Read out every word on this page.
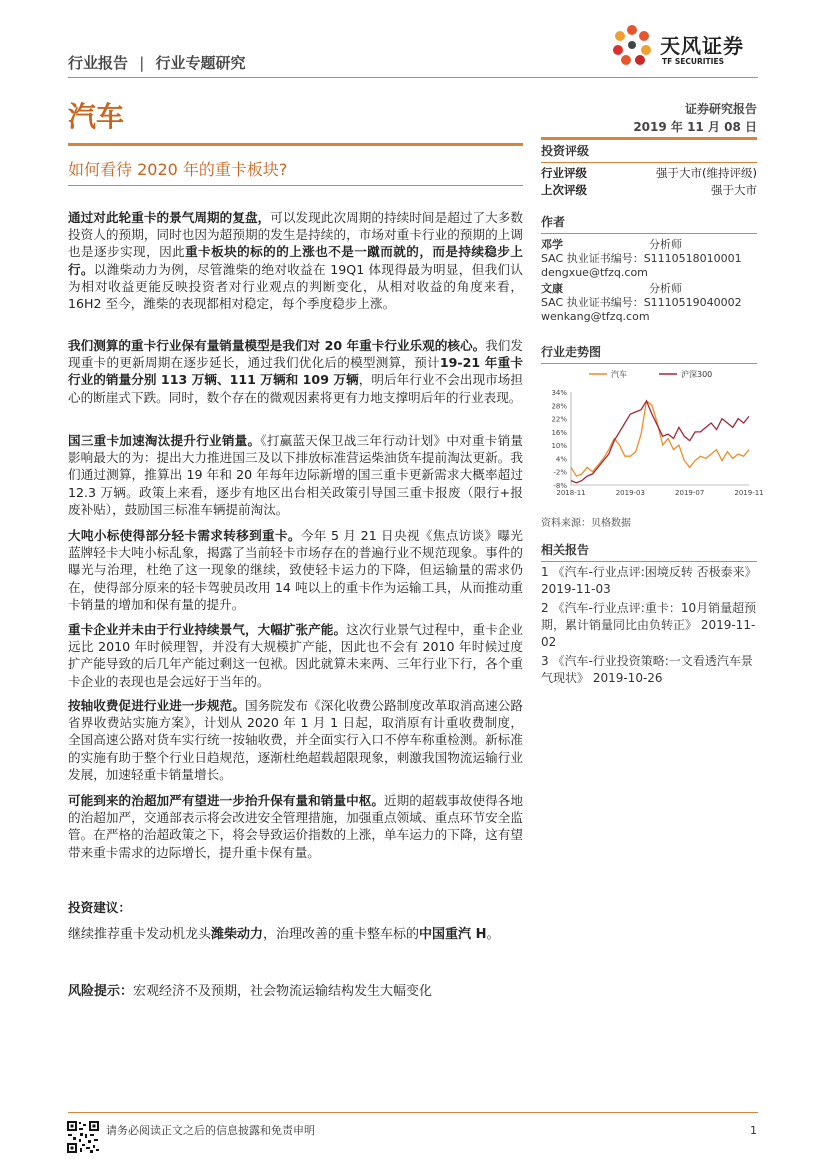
行业报告 | 行业专题研究
天风证券
TF SECURITIES
汽车	证券研究报告
2019 年 11 月 08 日
如何看待 2020 年的重卡板块?
投资评级
行业评级	强于大市(维持评级)
上次评级	强于大市
作者
邓学	分析师
SAC 执业证书编号：S1110518010001
dengxue@tfzq.com
文康	分析师
SAC 执业证书编号：S1110519040002
wenkang@tfzq.com
行业走势图
34%
28%
22%
16%
10%
4%
-2%
-8%
2018-11	2019-03	2019-07	2019-11
汽车	沪深300
资料来源：贝格数据
相关报告
1 《汽车-行业点评:困境反转 否极泰来》 2019-11-03
2 《汽车-行业点评:重卡：10月销量超预期，累计销量同比由负转正》 2019-11-02
3 《汽车-行业投资策略:一文看透汽车景气现状》 2019-10-26
通过对此轮重卡的景气周期的复盘，可以发现此次周期的持续时间是超过了大多数投资人的预期，同时也因为超预期的发生是持续的，市场对重卡行业的预期的上调也是逐步实现，因此重卡板块的标的的上涨也不是一蹴而就的，而是持续稳步上行。以潍柴动力为例，尽管潍柴的绝对收益在 19Q1 体现得最为明显，但我们认为相对收益更能反映投资者对行业观点的判断变化，从相对收益的角度来看，16H2 至今，潍柴的表现都相对稳定，每个季度稳步上涨。
我们测算的重卡行业保有量销量模型是我们对 20 年重卡行业乐观的核心。我们发现重卡的更新周期在逐步延长，通过我们优化后的模型测算，预计19-21 年重卡行业的销量分别 113 万辆、111 万辆和 109 万辆，明后年行业不会出现市场担心的断崖式下跌。同时，数个存在的微观因素将更有力地支撑明后年的行业表现。
国三重卡加速淘汰提升行业销量。《打赢蓝天保卫战三年行动计划》中对重卡销量影响最大的为：提出大力推进国三及以下排放标准营运柴油货车提前淘汰更新。我们通过测算，推算出 19 年和 20 年每年边际新增的国三重卡更新需求大概率超过 12.3 万辆。政策上来看，逐步有地区出台相关政策引导国三重卡报废（限行+报废补贴），鼓励国三标准车辆提前淘汰。
大吨小标使得部分轻卡需求转移到重卡。今年 5 月 21 日央视《焦点访谈》曝光蓝牌轻卡大吨小标乱象，揭露了当前轻卡市场存在的普遍行业不规范现象。事件的曝光与治理，杜绝了这一现象的继续，致使轻卡运力的下降，但运输量的需求仍在，使得部分原来的轻卡驾驶员改用 14 吨以上的重卡作为运输工具，从而推动重卡销量的增加和保有量的提升。
重卡企业并未由于行业持续景气，大幅扩张产能。这次行业景气过程中，重卡企业远比 2010 年时候理智，并没有大规模扩产能，因此也不会有 2010 年时候过度扩产能导致的后几年产能过剩这一包袱。因此就算未来两、三年行业下行，各个重卡企业的表现也是会远好于当年的。
按轴收费促进行业进一步规范。国务院发布《深化收费公路制度改革取消高速公路省界收费站实施方案》，计划从 2020 年 1 月 1 日起，取消原有计重收费制度，全国高速公路对货车实行统一按轴收费，并全面实行入口不停车称重检测。新标准的实施有助于整个行业日趋规范，逐渐杜绝超载超限现象，刺激我国物流运输行业发展，加速轻重卡销量增长。
可能到来的治超加严有望进一步抬升保有量和销量中枢。近期的超载事故使得各地的治超加严，交通部表示将会改进安全管理措施，加强重点领域、重点环节安全监管。在严格的治超政策之下，将会导致运价指数的上涨，单车运力的下降，这有望带来重卡需求的边际增长，提升重卡保有量。
投资建议：
继续推荐重卡发动机龙头潍柴动力，治理改善的重卡整车标的中国重汽 H。
风险提示：宏观经济不及预期，社会物流运输结构发生大幅变化
请务必阅读正文之后的信息披露和免责申明	1
